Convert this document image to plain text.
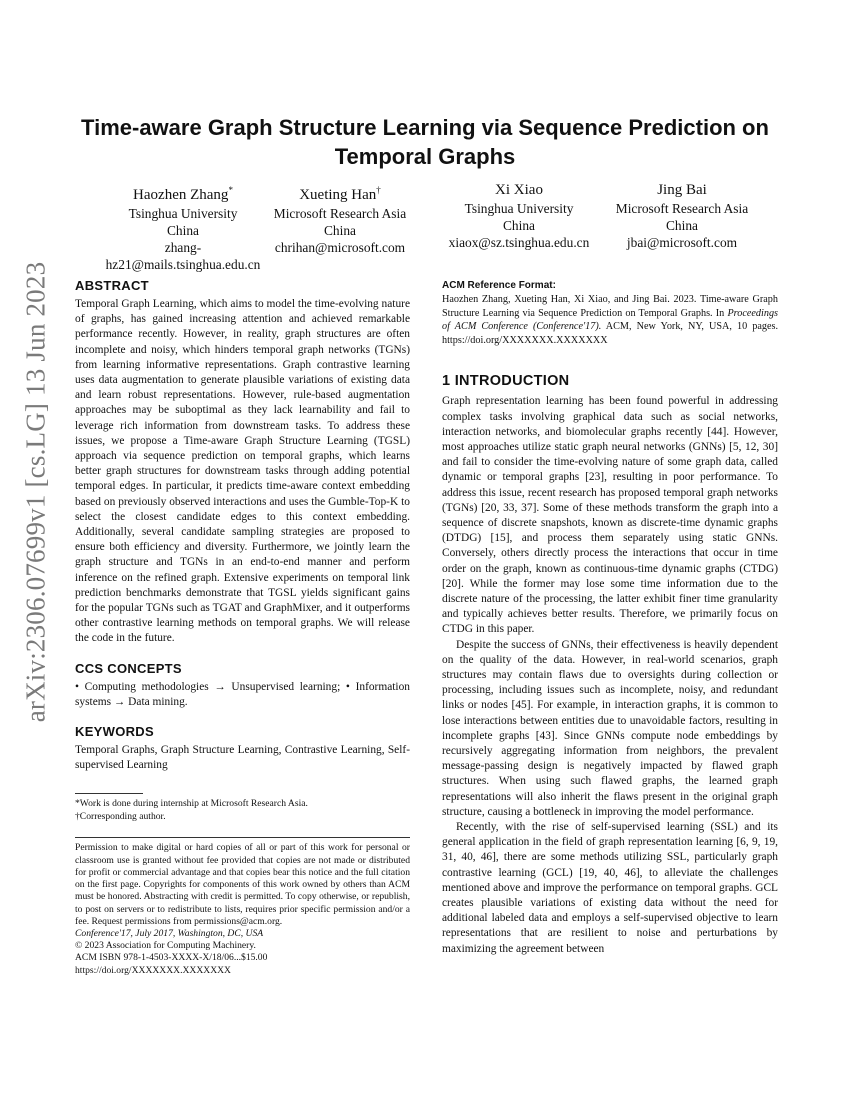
arXiv:2306.07699v1 [cs.LG] 13 Jun 2023
Time-aware Graph Structure Learning via Sequence Prediction on Temporal Graphs
Haozhen Zhang*
Tsinghua University
China
zhang-
hz21@mails.tsinghua.edu.cn
Xueting Han†
Microsoft Research Asia
China
chrihan@microsoft.com
Xi Xiao
Tsinghua University
China
xiaox@sz.tsinghua.edu.cn
Jing Bai
Microsoft Research Asia
China
jbai@microsoft.com
ABSTRACT

Temporal Graph Learning, which aims to model the time-evolving nature of graphs, has gained increasing attention and achieved remarkable performance recently. However, in reality, graph structures are often incomplete and noisy, which hinders temporal graph networks (TGNs) from learning informative representations. Graph contrastive learning uses data augmentation to generate plausible variations of existing data and learn robust representations. However, rule-based augmentation approaches may be suboptimal as they lack learnability and fail to leverage rich information from downstream tasks. To address these issues, we propose a Time-aware Graph Structure Learning (TGSL) approach via sequence prediction on temporal graphs, which learns better graph structures for downstream tasks through adding potential temporal edges. In particular, it predicts time-aware context embedding based on previously observed interactions and uses the Gumble-Top-K to select the closest candidate edges to this context embedding. Additionally, several candidate sampling strategies are proposed to ensure both efficiency and diversity. Furthermore, we jointly learn the graph structure and TGNs in an end-to-end manner and perform inference on the refined graph. Extensive experiments on temporal link prediction benchmarks demonstrate that TGSL yields significant gains for the popular TGNs such as TGAT and GraphMixer, and it outperforms other contrastive learning methods on temporal graphs. We will release the code in the future.

CCS CONCEPTS

• Computing methodologies → Unsupervised learning; • Information systems → Data mining.

KEYWORDS

Temporal Graphs, Graph Structure Learning, Contrastive Learning, Self-supervised Learning

*Work is done during internship at Microsoft Research Asia.
†Corresponding author.

Permission to make digital or hard copies of all or part of this work for personal or classroom use is granted without fee provided that copies are not made or distributed for profit or commercial advantage and that copies bear this notice and the full citation on the first page. Copyrights for components of this work owned by others than ACM must be honored. Abstracting with credit is permitted. To copy otherwise, or republish, to post on servers or to redistribute to lists, requires prior specific permission and/or a fee. Request permissions from permissions@acm.org.

Conference'17, July 2017, Washington, DC, USA

© 2023 Association for Computing Machinery.

ACM ISBN 978-1-4503-XXXX-X/18/06...$15.00

https://doi.org/XXXXXXX.XXXXXXX

ACM Reference Format:

Haozhen Zhang, Xueting Han, Xi Xiao, and Jing Bai. 2023. Time-aware Graph Structure Learning via Sequence Prediction on Temporal Graphs. In Proceedings of ACM Conference (Conference'17). ACM, New York, NY, USA, 10 pages. https://doi.org/XXXXXXX.XXXXXXX

1 INTRODUCTION

Graph representation learning has been found powerful in addressing complex tasks involving graphical data such as social networks, interaction networks, and biomolecular graphs recently [44]. However, most approaches utilize static graph neural networks (GNNs) [5, 12, 30] and fail to consider the time-evolving nature of some graph data, called dynamic or temporal graphs [23], resulting in poor performance. To address this issue, recent research has proposed temporal graph networks (TGNs) [20, 33, 37]. Some of these methods transform the graph into a sequence of discrete snapshots, known as discrete-time dynamic graphs (DTDG) [15], and process them separately using static GNNs. Conversely, others directly process the interactions that occur in time order on the graph, known as continuous-time dynamic graphs (CTDG) [20]. While the former may lose some time information due to the discrete nature of the processing, the latter exhibit finer time granularity and typically achieves better results. Therefore, we primarily focus on CTDG in this paper.

Despite the success of GNNs, their effectiveness is heavily dependent on the quality of the data. However, in real-world scenarios, graph structures may contain flaws due to oversights during collection or processing, including issues such as incomplete, noisy, and redundant links or nodes [45]. For example, in interaction graphs, it is common to lose interactions between entities due to unavoidable factors, resulting in incomplete graphs [43]. Since GNNs compute node embeddings by recursively aggregating information from neighbors, the prevalent message-passing design is negatively impacted by flawed graph structures. When using such flawed graphs, the learned graph representations will also inherit the flaws present in the original graph structure, causing a bottleneck in improving the model performance.

Recently, with the rise of self-supervised learning (SSL) and its general application in the field of graph representation learning [6, 9, 19, 31, 40, 46], there are some methods utilizing SSL, particularly graph contrastive learning (GCL) [19, 40, 46], to alleviate the challenges mentioned above and improve the performance on temporal graphs. GCL creates plausible variations of existing data without the need for additional labeled data and employs a self-supervised objective to learn representations that are resilient to noise and perturbations by maximizing the agreement between
